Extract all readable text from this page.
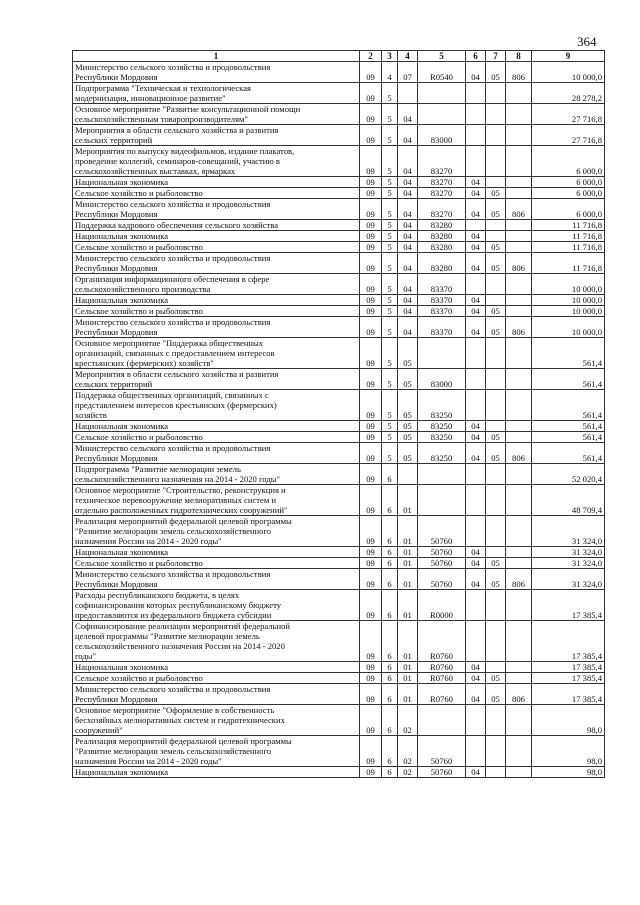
364
1	2	3	4	5	6	7	8	9
Министерство сельского хозяйства и продовольствия
Республики Мордовия	09	4	07	R0540	04	05	806	10 000,0
Подпрограмма "Техническая и технологическая
модернизация, инновационное развитие"	09	5						28 278,2
Основное мероприятие "Развитие консультационной помощи
сельскохозяйственным товаропроизводителям"	09	5	04					27 716,8
Мероприятия в области сельского хозяйства и развития
сельских территорий	09	5	04	83000				27 716,8
Мероприятия по выпуску видеофильмов, издание плакатов,
проведение коллегий, семинаров-совещаний, участию в
сельскохозяйственных выставках, ярмарках	09	5	04	83270				6 000,0
Национальная экономика	09	5	04	83270	04			6 000,0
Сельское хозяйство и рыболовство	09	5	04	83270	04	05		6 000,0
Министерство сельского хозяйства и продовольствия
Республики Мордовия	09	5	04	83270	04	05	806	6 000,0
Поддержка кадрового обеспечения сельского хозяйства	09	5	04	83280				11 716,8
Национальная экономика	09	5	04	83280	04			11 716,8
Сельское хозяйство и рыболовство	09	5	04	83280	04	05		11 716,8
Министерство сельского хозяйства и продовольствия
Республики Мордовия	09	5	04	83280	04	05	806	11 716,8
Организация информационного обеспечения в сфере
сельскохозяйственного производства	09	5	04	83370				10 000,0
Национальная экономика	09	5	04	83370	04			10 000,0
Сельское хозяйство и рыболовство	09	5	04	83370	04	05		10 000,0
Министерство сельского хозяйства и продовольствия
Республики Мордовия	09	5	04	83370	04	05	806	10 000,0
Основное мероприятие "Поддержка общественных
организаций, связанных с предоставлением интересов
крестьянских (фермерских) хозяйств"	09	5	05					561,4
Мероприятия в области сельского хозяйства и развития
сельских территорий	09	5	05	83000				561,4
Поддержка общественных организаций, связанных с
представлением интересов крестьянских (фермерских)
хозяйств	09	5	05	83250				561,4
Национальная экономика	09	5	05	83250	04			561,4
Сельское хозяйство и рыболовство	09	5	05	83250	04	05		561,4
Министерство сельского хозяйства и продовольствия
Республики Мордовия	09	5	05	83250	04	05	806	561,4
Подпрограмма "Развитие мелиорации земель
сельскохозяйственного назначения на 2014 - 2020 годы"	09	6						52 020,4
Основное мероприятие "Строительство, реконструкция и
техническое перевооружение мелиоративных систем и
отдельно расположенных гидротехнических сооружений"	09	6	01					48 709,4
Реализация мероприятий федеральной целевой программы
"Развитие мелиорации земель сельскохозяйственного
назначения России на 2014 - 2020 годы"	09	6	01	50760				31 324,0
Национальная экономика	09	6	01	50760	04			31 324,0
Сельское хозяйство и рыболовство	09	6	01	50760	04	05		31 324,0
Министерство сельского хозяйства и продовольствия
Республики Мордовия	09	6	01	50760	04	05	806	31 324,0
Расходы республиканского бюджета, в целях
софинансирования которых республиканскому бюджету
предоставляются из федерального бюджета субсидии	09	6	01	R0000				17 385,4
Софинансирование реализации мероприятий федеральной
целевой программы "Развитие мелиорации земель
сельскохозяйственного назначения России на 2014 - 2020
годы"	09	6	01	R0760				17 385,4
Национальная экономика	09	6	01	R0760	04			17 385,4
Сельское хозяйство и рыболовство	09	6	01	R0760	04	05		17 385,4
Министерство сельского хозяйства и продовольствия
Республики Мордовия	09	6	01	R0760	04	05	806	17 385,4
Основное мероприятие "Оформление в собственность
бесхозяйных мелиоративных систем и гидротехнических
сооружений"	09	6	02					98,0
Реализация мероприятий федеральной целевой программы
"Развитие мелиорации земель сельскохозяйственного
назначения России на 2014 - 2020 годы"	09	6	02	50760				98,0
Национальная экономика	09	6	02	50760	04			98,0
